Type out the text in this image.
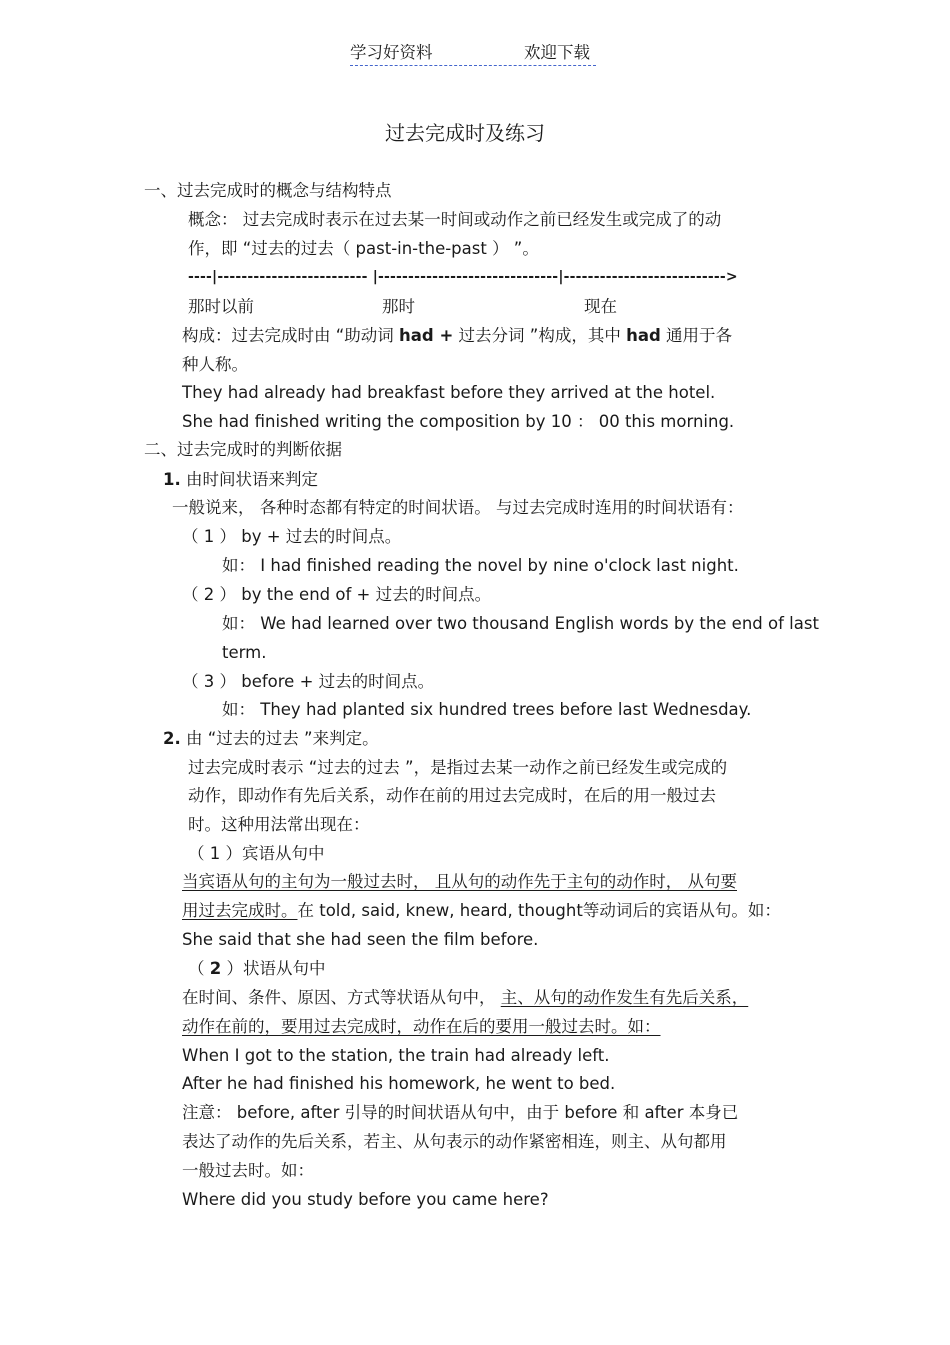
学习好资料	欢迎下载
过去完成时及练习
一、过去完成时的概念与结构特点
概念： 过去完成时表示在过去某一时间或动作之前已经发生或完成了的动
作，即 “过去的过去（ past-in-the-past ） ”。
----|------------------------- |------------------------------|--------------------------->
那时以前	那时	现在
构成：过去完成时由 “助动词 had + 过去分词 ”构成，其中 had 通用于各
种人称。
They had already had breakfast before they arrived at the hotel.
She had finished writing the composition by 10 ： 00 this morning.
二、过去完成时的判断依据
1. 由时间状语来判定
一般说来， 各种时态都有特定的时间状语。 与过去完成时连用的时间状语有：
（ 1 ） by + 过去的时间点。
如： I had finished reading the novel by nine o'clock last night.
（ 2 ） by the end of + 过去的时间点。
如： We had learned over two thousand English words by the end of last
term.
（ 3 ） before + 过去的时间点。
如： They had planted six hundred trees before last Wednesday.
2. 由 “过去的过去 ”来判定。
过去完成时表示 “过去的过去 ”，是指过去某一动作之前已经发生或完成的
动作，即动作有先后关系，动作在前的用过去完成时，在后的用一般过去
时。这种用法常出现在：
（ 1 ）宾语从句中
当宾语从句的主句为一般过去时， 且从句的动作先于主句的动作时， 从句要
用过去完成时。在 told, said, knew, heard, thought等动词后的宾语从句。如：
She said that she had seen the film before.
（ 2 ）状语从句中
在时间、条件、原因、方式等状语从句中， 主、从句的动作发生有先后关系，
动作在前的，要用过去完成时，动作在后的要用一般过去时。如：
When I got to the station, the train had already left.
After he had finished his homework, he went to bed.
注意： before, after 引导的时间状语从句中，由于 before 和 after 本身已
表达了动作的先后关系，若主、从句表示的动作紧密相连，则主、从句都用
一般过去时。如：
Where did you study before you came here?
